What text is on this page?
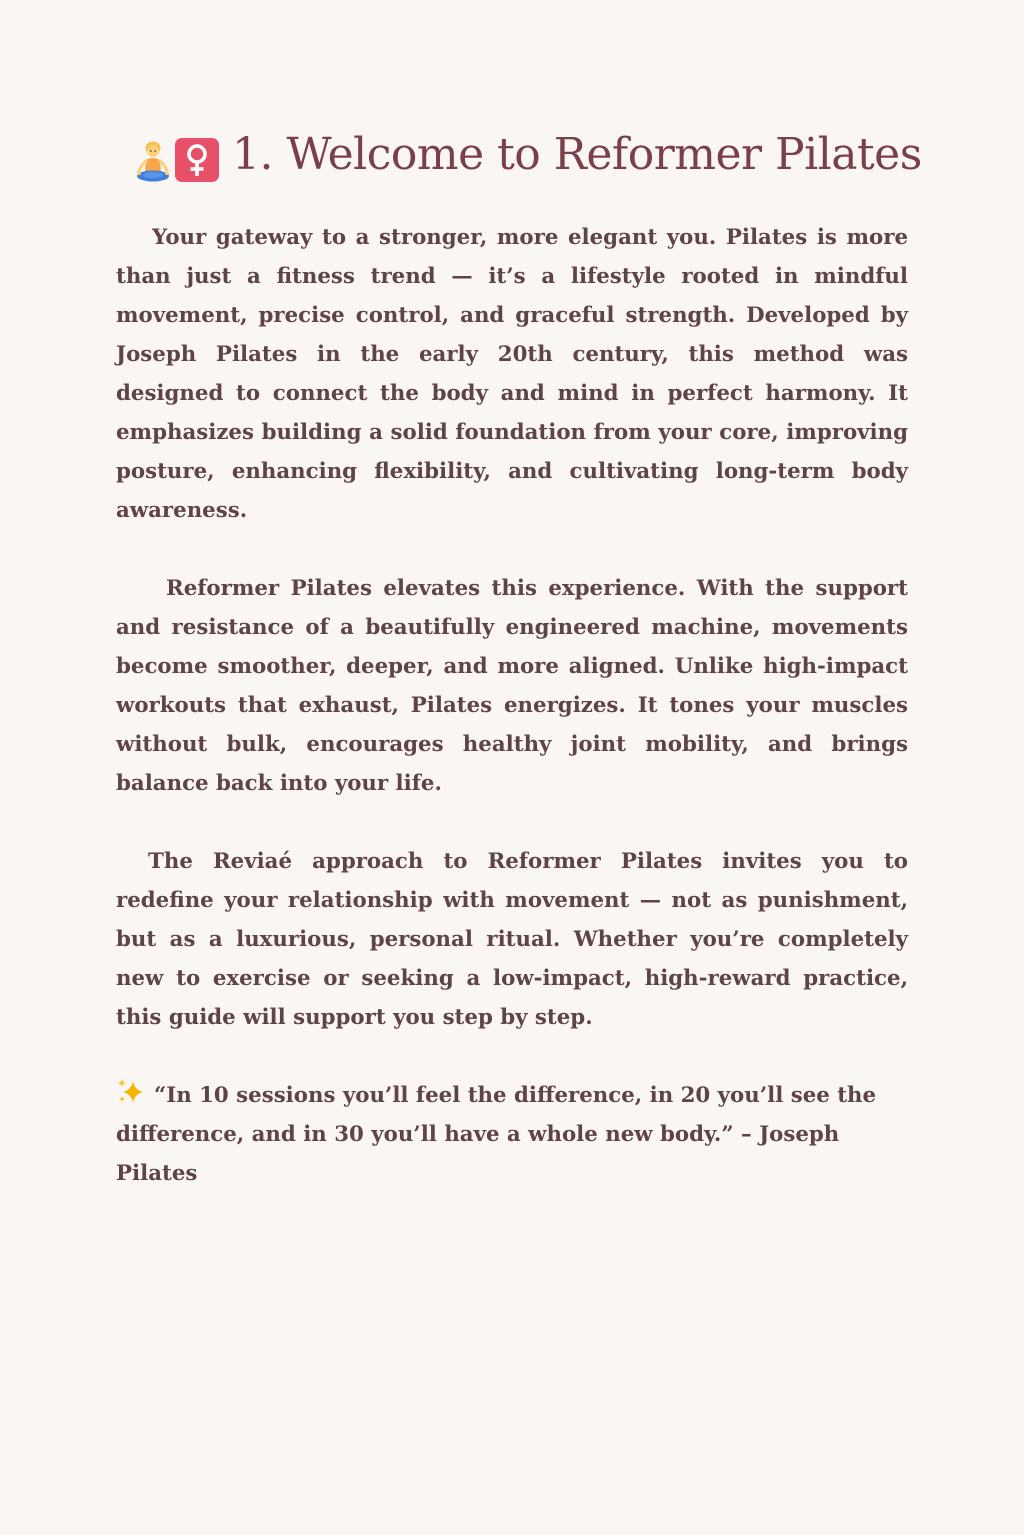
1. Welcome to Reformer Pilates

Your gateway to a stronger, more elegant you. Pilates is more than just a fitness trend — it’s a lifestyle rooted in mindful movement, precise control, and graceful strength. Developed by Joseph Pilates in the early 20th century, this method was designed to connect the body and mind in perfect harmony. It emphasizes building a solid foundation from your core, improving posture, enhancing flexibility, and cultivating long-term body awareness.

Reformer Pilates elevates this experience. With the support and resistance of a beautifully engineered machine, movements become smoother, deeper, and more aligned. Unlike high-impact workouts that exhaust, Pilates energizes. It tones your muscles without bulk, encourages healthy joint mobility, and brings balance back into your life.

The Reviaé approach to Reformer Pilates invites you to redefine your relationship with movement — not as punishment, but as a luxurious, personal ritual. Whether you’re completely new to exercise or seeking a low-impact, high-reward practice, this guide will support you step by step.

“In 10 sessions you’ll feel the difference, in 20 you’ll see the difference, and in 30 you’ll have a whole new body.” – Joseph Pilates
